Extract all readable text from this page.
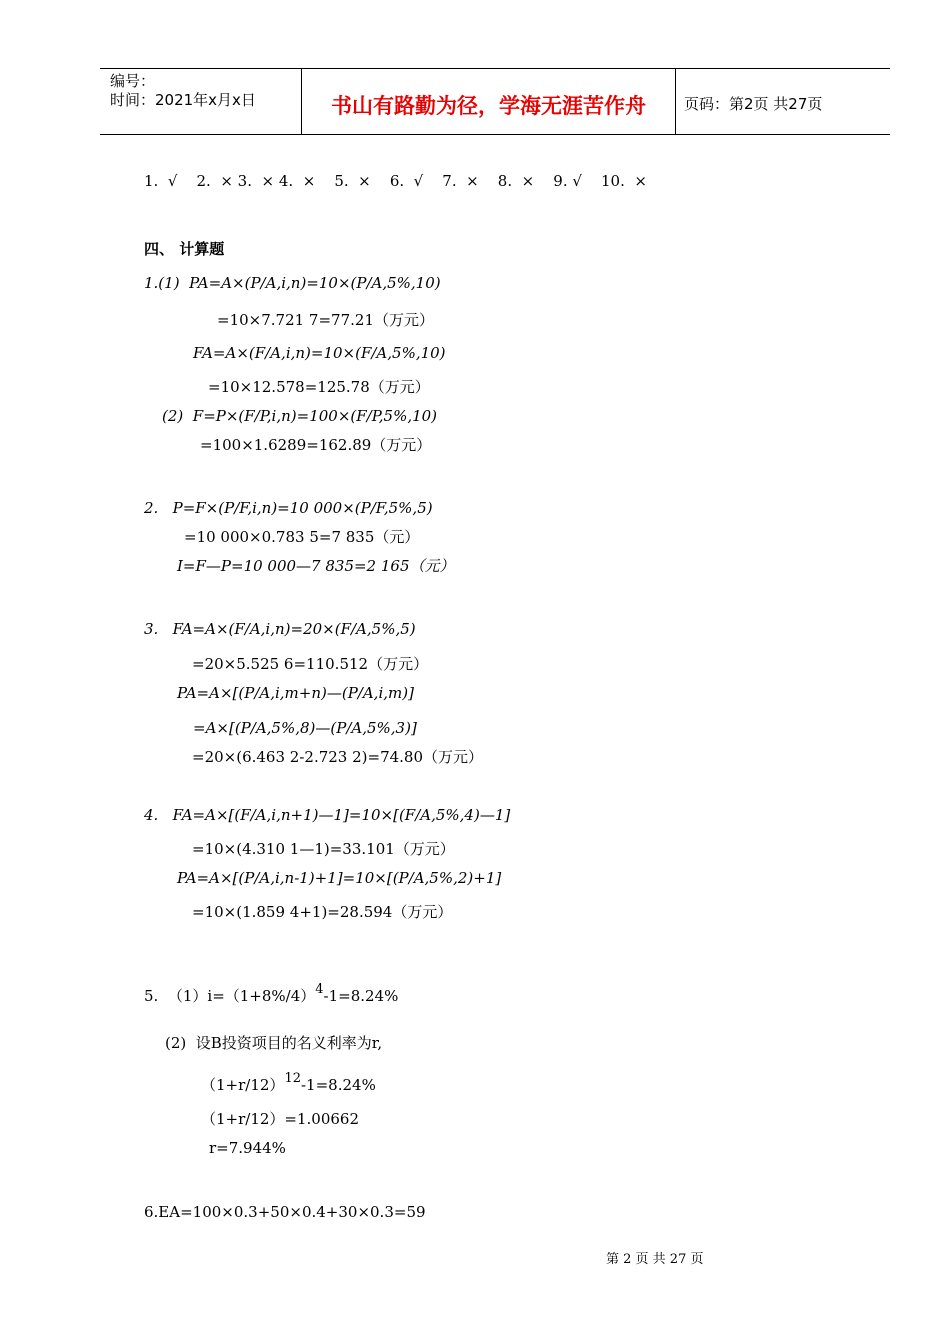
编号：
时间：2021年x月x日	书山有路勤为径，学海无涯苦作舟	页码：第2页 共27页
1.  √    2.  × 3.  × 4.  ×    5.  ×    6.  √    7.  ×    8.  ×    9. √    10.  ×
四、 计算题
1.(1)  PA=A×(P/A,i,n)=10×(P/A,5%,10)
=10×7.721 7=77.21（万元）
FA=A×(F/A,i,n)=10×(F/A,5%,10)
=10×12.578=125.78（万元）
(2)  F=P×(F/P,i,n)=100×(F/P,5%,10)
=100×1.6289=162.89（万元）
2.   P=F×(P/F,i,n)=10 000×(P/F,5%,5)
=10 000×0.783 5=7 835（元）
I=F—P=10 000—7 835=2 165（元）
3.   FA=A×(F/A,i,n)=20×(F/A,5%,5)
=20×5.525 6=110.512（万元）
PA=A×[(P/A,i,m+n)—(P/A,i,m)]
=A×[(P/A,5%,8)—(P/A,5%,3)]
=20×(6.463 2-2.723 2)=74.80（万元）
4.   FA=A×[(F/A,i,n+1)—1]=10×[(F/A,5%,4)—1]
=10×(4.310 1—1)=33.101（万元）
PA=A×[(P/A,i,n-1)+1]=10×[(P/A,5%,2)+1]
=10×(1.859 4+1)=28.594（万元）
5.  （1）i=（1+8%/4）4-1=8.24%
(2)  设B投资项目的名义利率为r,
（1+r/12）12-1=8.24%
（1+r/12）=1.00662
r=7.944%
6.EA=100×0.3+50×0.4+30×0.3=59
第 2 页 共 27 页
